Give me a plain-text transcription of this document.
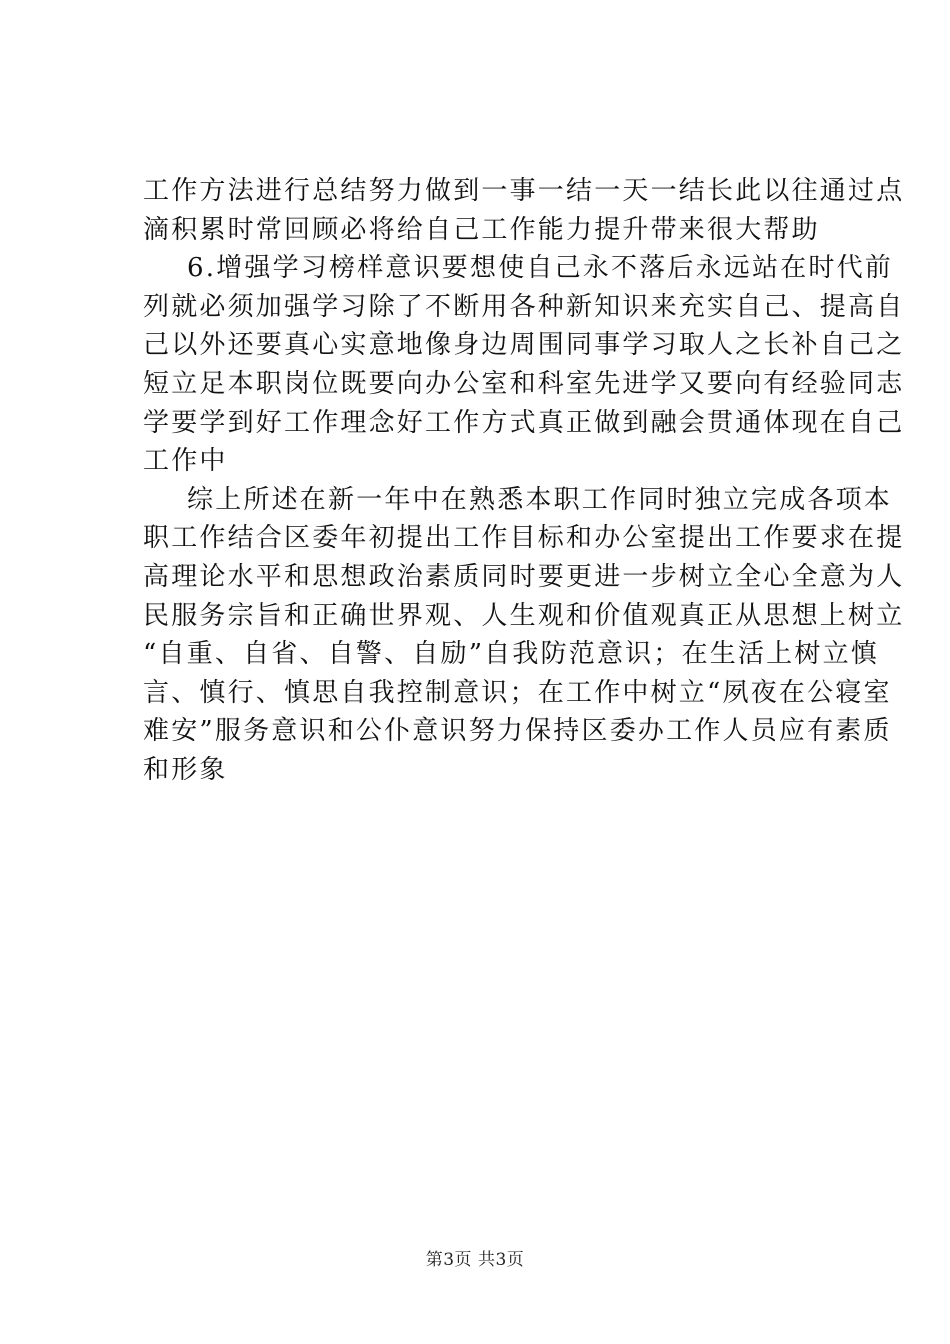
工作方法进行总结努力做到一事一结一天一结长此以往通过点
滴积累时常回顾必将给自己工作能力提升带来很大帮助
6.增强学习榜样意识要想使自己永不落后永远站在时代前
列就必须加强学习除了不断用各种新知识来充实自己、提高自
己以外还要真心实意地像身边周围同事学习取人之长补自己之
短立足本职岗位既要向办公室和科室先进学又要向有经验同志
学要学到好工作理念好工作方式真正做到融会贯通体现在自己
工作中
综上所述在新一年中在熟悉本职工作同时独立完成各项本
职工作结合区委年初提出工作目标和办公室提出工作要求在提
高理论水平和思想政治素质同时要更进一步树立全心全意为人
民服务宗旨和正确世界观、人生观和价值观真正从思想上树立
“自重、自省、自警、自励”自我防范意识；在生活上树立慎
言、慎行、慎思自我控制意识；在工作中树立“夙夜在公寝室
难安”服务意识和公仆意识努力保持区委办工作人员应有素质
和形象
第3页 共3页
